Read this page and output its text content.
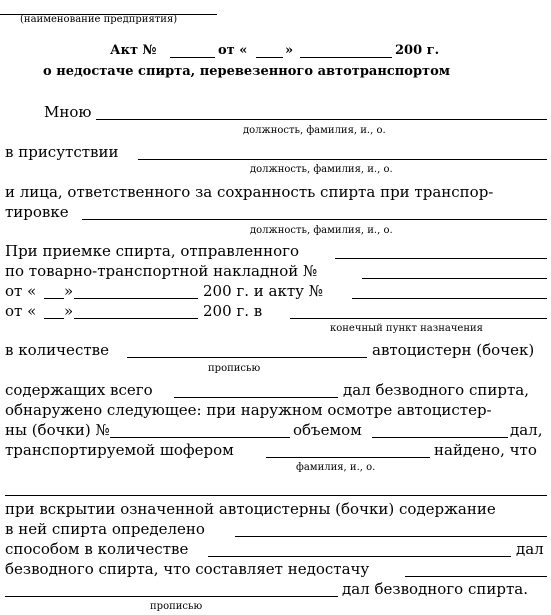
(наименование предприятия)
Акт №	от «	»	200 г.
о недостаче спирта, перевезенного автотранспортом
Мною
должность, фамилия, и., о.
в присутствии
должность, фамилия, и., о.
и лица, ответственного за сохранность спирта при транспор-
тировке
должность, фамилия, и., о.
При приемке спирта, отправленного
по товарно-транспортной накладной №
от « »	200 г. и акту №
от « »	200 г. в
конечный пункт назначения
в количестве	автоцистерн (бочек)
прописью
содержащих всего	дал безводного спирта,
обнаружено следующее: при наружном осмотре автоцистер-
ны (бочки) №	объемом	дал,
транспортируемой шофером	найдено, что
фамилия, и., о.
при вскрытии означенной автоцистерны (бочки) содержание
в ней спирта определено
способом в количестве	дал
безводного спирта, что составляет недостачу
дал безводного спирта.
прописью
